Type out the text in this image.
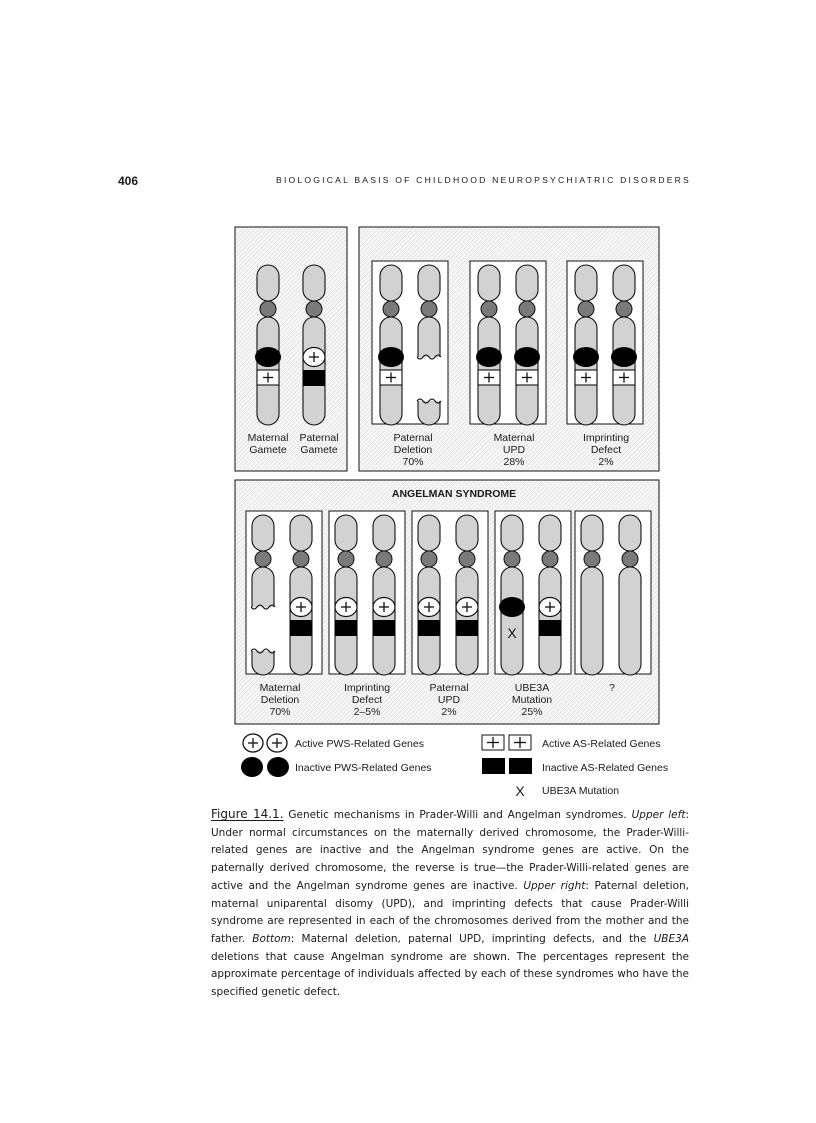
406	BIOLOGICAL BASIS OF CHILDHOOD NEUROPSYCHIATRIC DISORDERS
X
Maternal
Gamete
Paternal
Gamete
Paternal
Deletion
70%
Maternal
UPD
28%
Imprinting
Defect
2%
ANGELMAN SYNDROME
Maternal
Deletion
70%
Imprinting
Defect
2–5%
Paternal
UPD
2%
UBE3A
Mutation
25%
?
Active PWS-Related Genes
Inactive PWS-Related Genes
Active AS-Related Genes
Inactive AS-Related Genes
X UBE3A Mutation

Figure 14.1. Genetic mechanisms in Prader-Willi and Angelman syndromes. Upper left: Under normal circumstances on the maternally derived chromosome, the Prader-Willi-related genes are inactive and the Angelman syndrome genes are active. On the paternally derived chromosome, the reverse is true—the Prader-Willi-related genes are active and the Angelman syndrome genes are inactive. Upper right: Paternal deletion, maternal uniparental disomy (UPD), and imprinting defects that cause Prader-Willi syndrome are represented in each of the chromosomes derived from the mother and the father. Bottom: Maternal deletion, paternal UPD, imprinting defects, and the UBE3A deletions that cause Angelman syndrome are shown. The percentages represent the approximate percentage of individuals affected by each of these syndromes who have the specified genetic defect.
